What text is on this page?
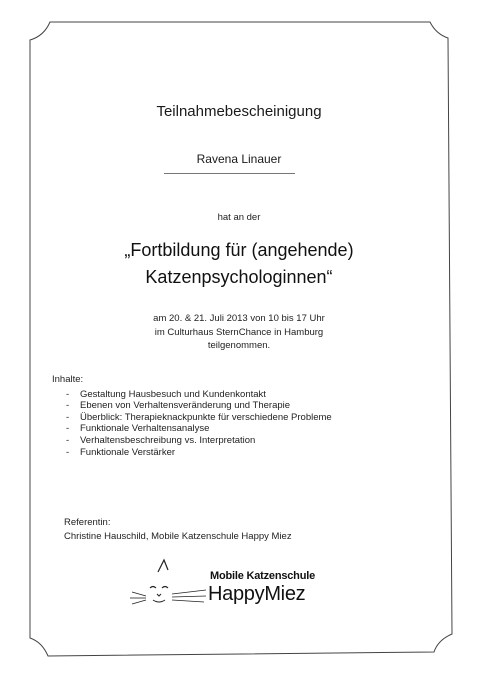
Teilnahmebescheinigung
Ravena Linauer
hat an der
„Fortbildung für (angehende)
Katzenpsychologinnen“
am 20. & 21. Juli 2013 von 10 bis 17 Uhr
im Culturhaus SternChance in Hamburg
teilgenommen.
Inhalte:
- Gestaltung Hausbesuch und Kundenkontakt
- Ebenen von Verhaltensveränderung und Therapie
- Überblick: Therapieknackpunkte für verschiedene Probleme
- Funktionale Verhaltensanalyse
- Verhaltensbeschreibung vs. Interpretation
- Funktionale Verstärker
Referentin:
Christine Hauschild, Mobile Katzenschule Happy Miez
Mobile Katzenschule
HappyMiez
